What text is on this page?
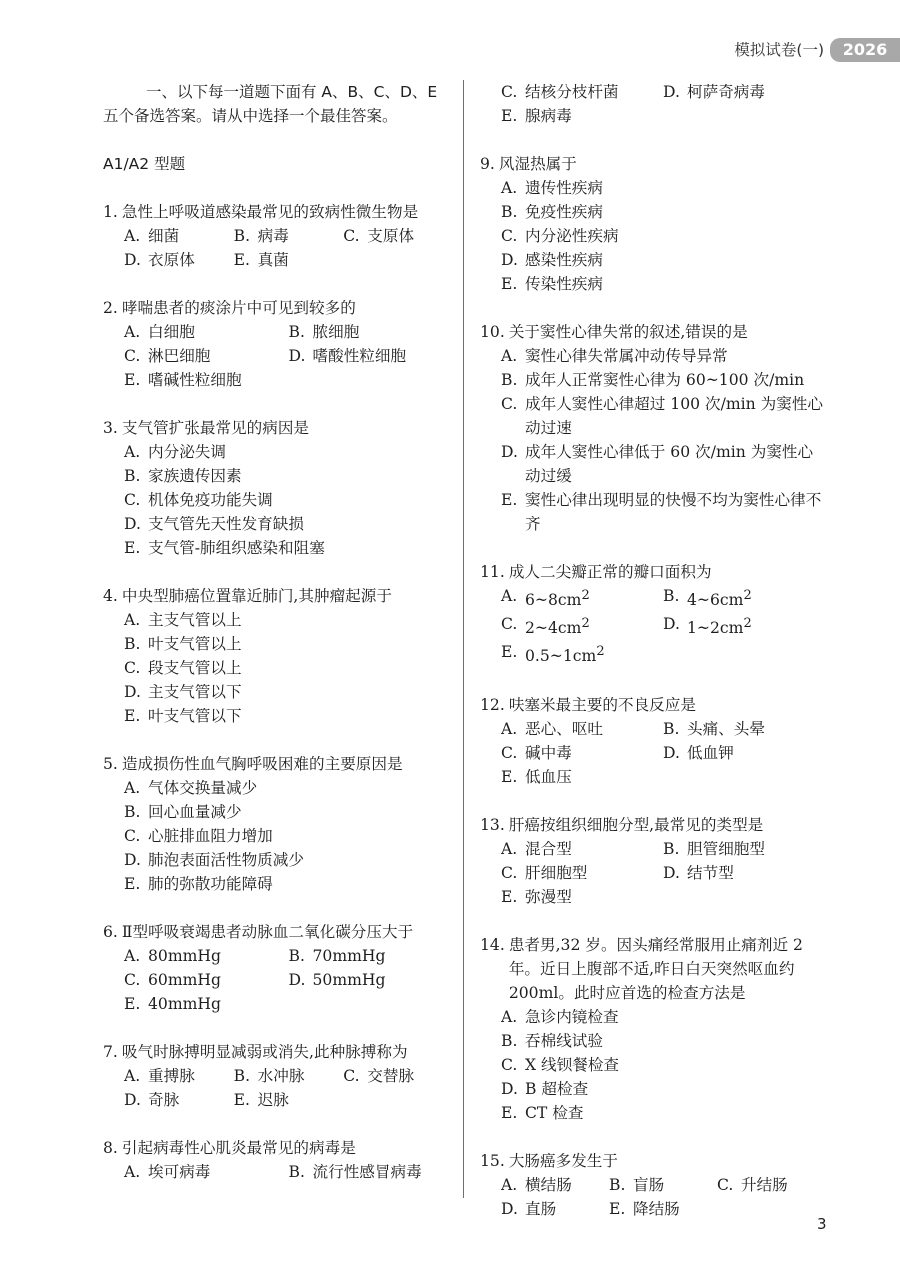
模拟试卷(一)	2026

一、以下每一道题下面有 A、B、C、D、E 五个备选答案。请从中选择一个最佳答案。

A1/A2 型题
1. 急性上呼吸道感染最常见的致病性微生物是
A. 细菌	B. 病毒	C. 支原体
D. 衣原体	E. 真菌
2. 哮喘患者的痰涂片中可见到较多的
A. 白细胞	B. 脓细胞
C. 淋巴细胞	D. 嗜酸性粒细胞
E. 嗜碱性粒细胞
3. 支气管扩张最常见的病因是
A. 内分泌失调
B. 家族遗传因素
C. 机体免疫功能失调
D. 支气管先天性发育缺损
E. 支气管-肺组织感染和阻塞
4. 中央型肺癌位置靠近肺门,其肿瘤起源于
A. 主支气管以上
B. 叶支气管以上
C. 段支气管以上
D. 主支气管以下
E. 叶支气管以下
5. 造成损伤性血气胸呼吸困难的主要原因是
A. 气体交换量减少
B. 回心血量减少
C. 心脏排血阻力增加
D. 肺泡表面活性物质减少
E. 肺的弥散功能障碍
6. Ⅱ型呼吸衰竭患者动脉血二氧化碳分压大于
A. 80mmHg	B. 70mmHg
C. 60mmHg	D. 50mmHg
E. 40mmHg
7. 吸气时脉搏明显减弱或消失,此种脉搏称为
A. 重搏脉	B. 水冲脉	C. 交替脉
D. 奇脉	E. 迟脉
8. 引起病毒性心肌炎最常见的病毒是
A. 埃可病毒	B. 流行性感冒病毒
C. 结核分枝杆菌	D. 柯萨奇病毒
E. 腺病毒
9. 风湿热属于
A. 遗传性疾病
B. 免疫性疾病
C. 内分泌性疾病
D. 感染性疾病
E. 传染性疾病
10. 关于窦性心律失常的叙述,错误的是
A. 窦性心律失常属冲动传导异常
B. 成年人正常窦性心律为 60~100 次/min
C. 成年人窦性心律超过 100 次/min 为窦性心动过速
D. 成年人窦性心律低于 60 次/min 为窦性心动过缓
E. 窦性心律出现明显的快慢不均为窦性心律不齐
11. 成人二尖瓣正常的瓣口面积为
A. $6\sim 8cm^2$	B. $4\sim 6cm^2$
C. $2\sim 4cm^2$	D. $1\sim 2cm^2$
E. $0.5\sim 1cm^2$
12. 呋塞米最主要的不良反应是
A. 恶心、呕吐	B. 头痛、头晕
C. 碱中毒	D. 低血钾
E. 低血压
13. 肝癌按组织细胞分型,最常见的类型是
A. 混合型	B. 胆管细胞型
C. 肝细胞型	D. 结节型
E. 弥漫型
14. 患者男,32 岁。因头痛经常服用止痛剂近 2 年。近日上腹部不适,昨日白天突然呕血约 200ml。此时应首选的检查方法是
A. 急诊内镜检查
B. 吞棉线试验
C. X 线钡餐检查
D. B 超检查
E. CT 检查
15. 大肠癌多发生于
A. 横结肠	B. 盲肠	C. 升结肠
D. 直肠	E. 降结肠
3
